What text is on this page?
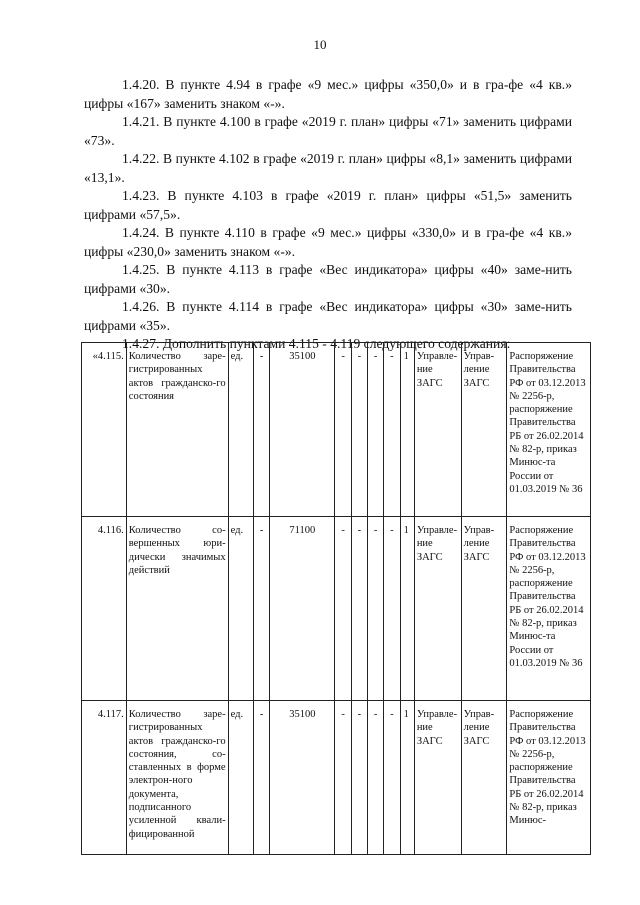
10

1.4.20. В пункте 4.94 в графе «9 мес.» цифры «350,0» и в гра-фе «4 кв.» цифры «167» заменить знаком «-».

1.4.21. В пункте 4.100 в графе «2019 г. план» цифры «71» заменить цифрами «73».

1.4.22. В пункте 4.102 в графе «2019 г. план» цифры «8,1» заменить цифрами «13,1».

1.4.23. В пункте 4.103 в графе «2019 г. план» цифры «51,5» заменить цифрами «57,5».

1.4.24. В пункте 4.110 в графе «9 мес.» цифры «330,0» и в гра-фе «4 кв.» цифры «230,0» заменить знаком «-».

1.4.25. В пункте 4.113 в графе «Вес индикатора» цифры «40» заме-нить цифрами «30».

1.4.26. В пункте 4.114 в графе «Вес индикатора» цифры «30» заме-нить цифрами «35».

1.4.27. Дополнить пунктами 4.115 - 4.119 следующего содержания:

«4.115.	Количество заре-гистрированных актов гражданско-го состояния	ед.	-	35100	-	-	-	-	1	Управле-ние ЗАГС	Управ-ление ЗАГС	Распоряжение Правительства РФ от 03.12.2013 № 2256-р, распоряжение Правительства РБ от 26.02.2014 № 82-р, приказ Минюс-та России от 01.03.2019 № 36
4.116.	Количество со-вершенных юри-дически значимых действий	ед.	-	71100	-	-	-	-	1	Управле-ние ЗАГС	Управ-ление ЗАГС	Распоряжение Правительства РФ от 03.12.2013 № 2256-р, распоряжение Правительства РБ от 26.02.2014 № 82-р, приказ Минюс-та России от 01.03.2019 № 36
4.117.	Количество заре-гистрированных актов гражданско-го состояния, со-ставленных в форме электрон-ного документа, подписанного усиленной квали-фицированной	ед.	-	35100	-	-	-	-	1	Управле-ние ЗАГС	Управ-ление ЗАГС	Распоряжение Правительства РФ от 03.12.2013 № 2256-р, распоряжение Правительства РБ от 26.02.2014 № 82-р, приказ Минюс-
